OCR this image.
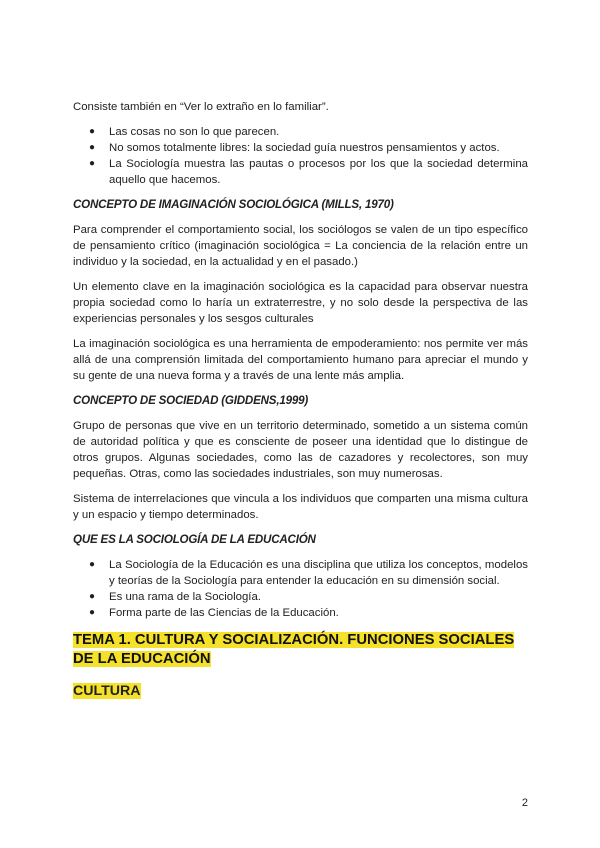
Consiste también en “Ver lo extraño en lo familiar”.

● Las cosas no son lo que parecen.
● No somos totalmente libres: la sociedad guía nuestros pensamientos y actos.
● La Sociología muestra las pautas o procesos por los que la sociedad determina aquello que hacemos.
CONCEPTO DE IMAGINACIÓN SOCIOLÓGICA (MILLS, 1970)

Para comprender el comportamiento social, los sociólogos se valen de un tipo específico de pensamiento crítico (imaginación sociológica = La conciencia de la relación entre un individuo y la sociedad, en la actualidad y en el pasado.)

Un elemento clave en la imaginación sociológica es la capacidad para observar nuestra propia sociedad como lo haría un extraterrestre, y no solo desde la perspectiva de las experiencias personales y los sesgos culturales

La imaginación sociológica es una herramienta de empoderamiento: nos permite ver más allá de una comprensión limitada del comportamiento humano para apreciar el mundo y su gente de una nueva forma y a través de una lente más amplia.

CONCEPTO DE SOCIEDAD (GIDDENS,1999)

Grupo de personas que vive en un territorio determinado, sometido a un sistema común de autoridad política y que es consciente de poseer una identidad que lo distingue de otros grupos. Algunas sociedades, como las de cazadores y recolectores, son muy pequeñas. Otras, como las sociedades industriales, son muy numerosas.

Sistema de interrelaciones que vincula a los individuos que comparten una misma cultura y un espacio y tiempo determinados.

QUE ES LA SOCIOLOGÍA DE LA EDUCACIÓN
● La Sociología de la Educación es una disciplina que utiliza los conceptos, modelos y teorías de la Sociología para entender la educación en su dimensión social.
● Es una rama de la Sociología.
● Forma parte de las Ciencias de la Educación.
TEMA 1. CULTURA Y SOCIALIZACIÓN. FUNCIONES SOCIALES
DE LA EDUCACIÓN
CULTURA
2
